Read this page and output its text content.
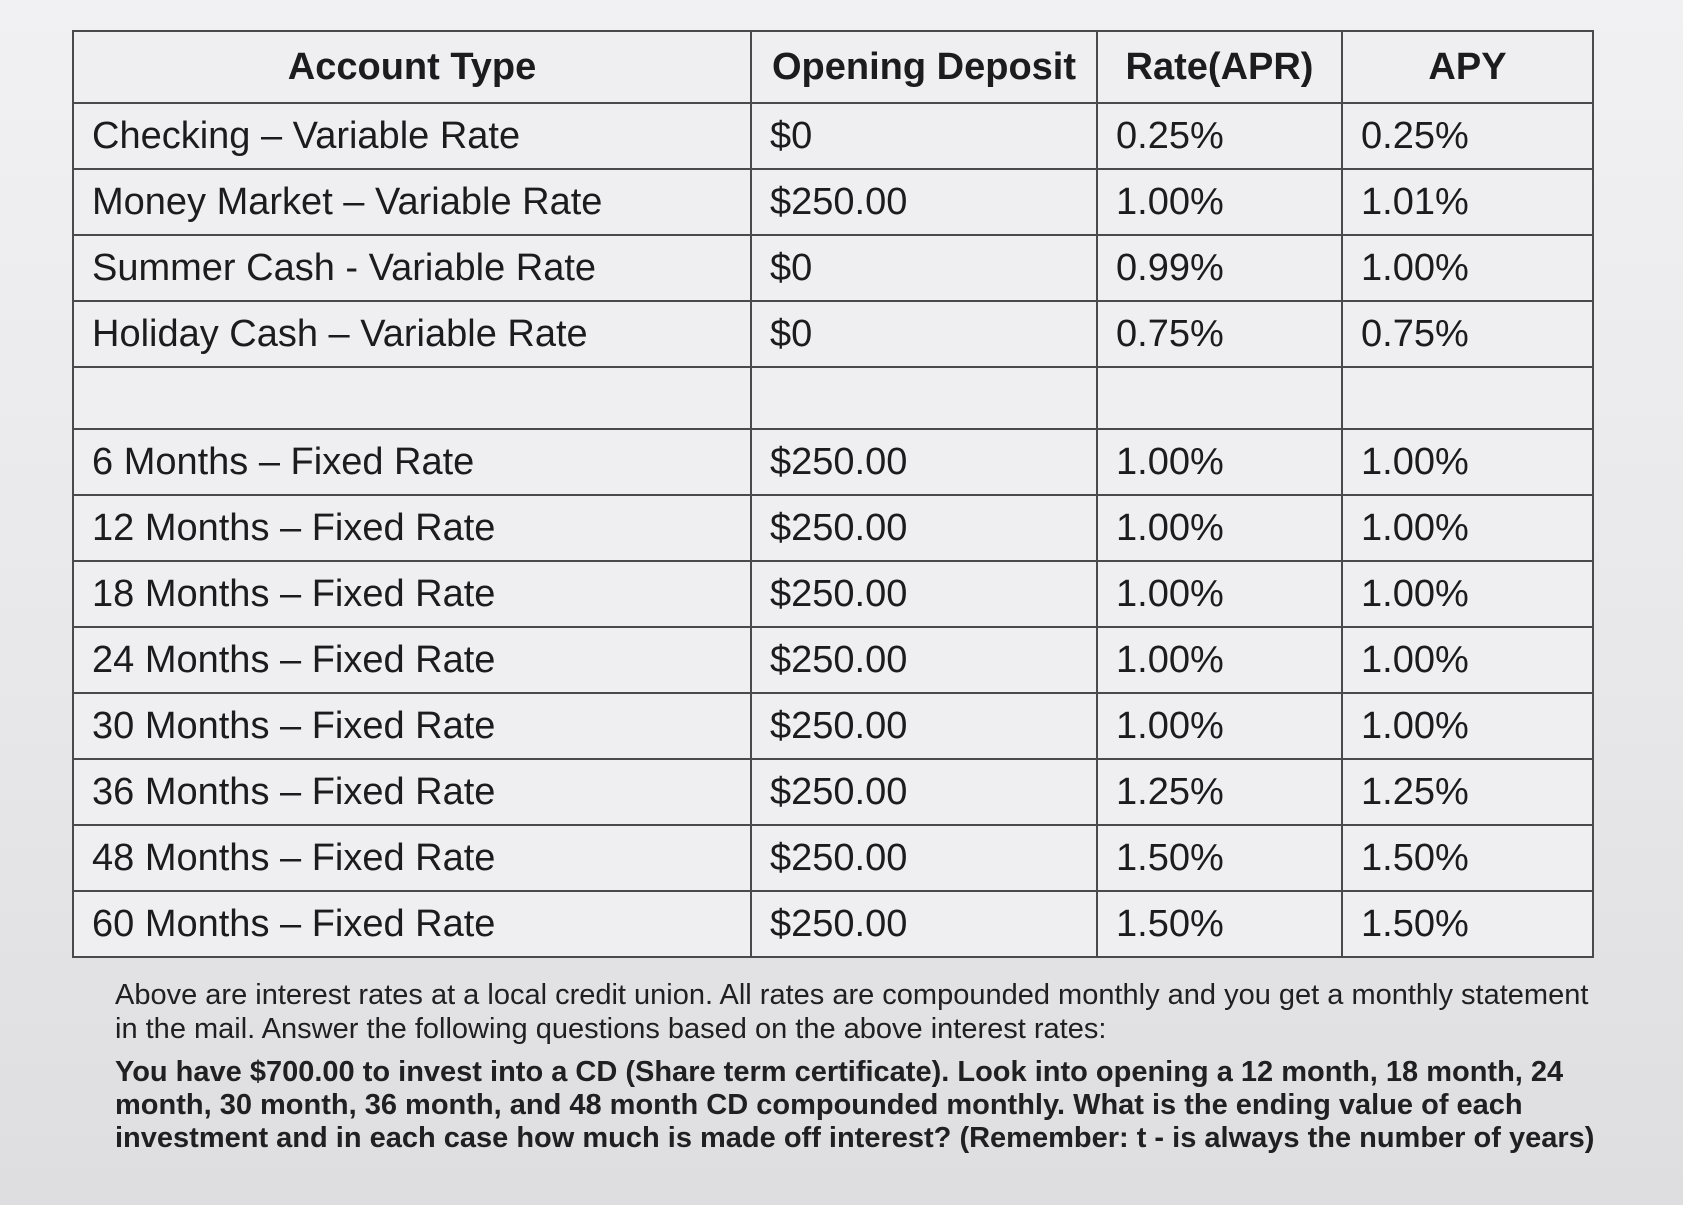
Account Type	Opening Deposit	Rate(APR)	APY
Checking – Variable Rate	$0	0.25%	0.25%
Money Market – Variable Rate	$250.00	1.00%	1.01%
Summer Cash - Variable Rate	$0	0.99%	1.00%
Holiday Cash – Variable Rate	$0	0.75%	0.75%

6 Months – Fixed Rate	$250.00	1.00%	1.00%
12 Months – Fixed Rate	$250.00	1.00%	1.00%
18 Months – Fixed Rate	$250.00	1.00%	1.00%
24 Months – Fixed Rate	$250.00	1.00%	1.00%
30 Months – Fixed Rate	$250.00	1.00%	1.00%
36 Months – Fixed Rate	$250.00	1.25%	1.25%
48 Months – Fixed Rate	$250.00	1.50%	1.50%
60 Months – Fixed Rate	$250.00	1.50%	1.50%

Above are interest rates at a local credit union. All rates are compounded monthly and you get a monthly statement in the mail. Answer the following questions based on the above interest rates:

You have $700.00 to invest into a CD (Share term certificate). Look into opening a 12 month, 18 month, 24 month, 30 month, 36 month, and 48 month CD compounded monthly. What is the ending value of each investment and in each case how much is made off interest? (Remember: t - is always the number of years)
